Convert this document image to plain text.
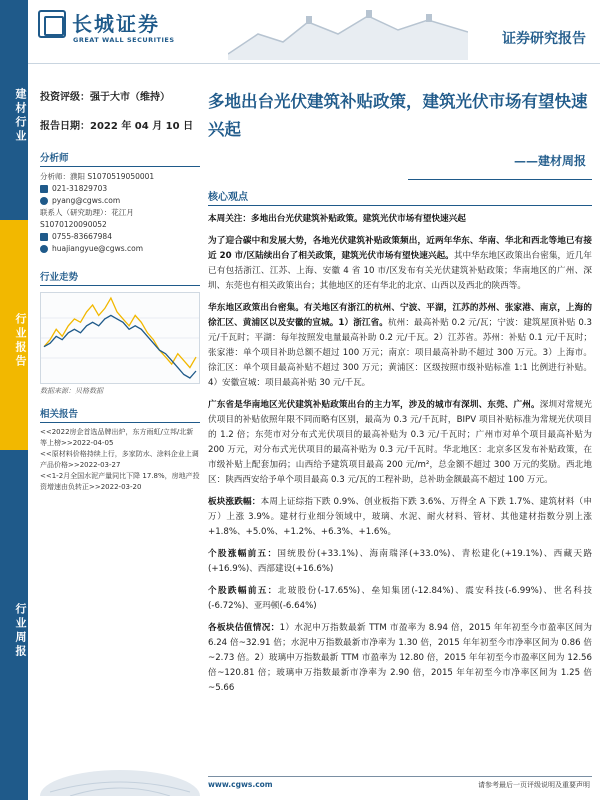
建材行业
行业报告
行业周报
长城证券
GREAT WALL SECURITIES	证券研究报告
投资评级：强于大市（维持）
报告日期：2022 年 04 月 10 日
分析师
分析师：濮阳 S1070519050001
021-31829703
pyang@cgws.com
联系人（研究助理）：花江月
S1070120090052
0755-83667984
huajiangyue@cgws.com
行业走势
数据来源：贝格数据
相关报告
<<2022房企首选品牌出炉，东方雨虹/立邦/北新等上榜>>2022-04-05
<<原材料价格持续上行，多家防水、涂料企业上调产品价格>>2022-03-27
<<1-2月全国水泥产量同比下降 17.8%，房地产投资增速由负转正>>2022-03-20
多地出台光伏建筑补贴政策，建筑光伏市场有望快速兴起
——建材周报
核心观点
本周关注：多地出台光伏建筑补贴政策。建筑光伏市场有望快速兴起
为了迎合碳中和发展大势，各地光伏建筑补贴政策频出，近两年华东、华南、华北和西北等地已有接近 20 市/区陆续出台了相关政策，建筑光伏市场有望快速兴起。其中华东地区政策出台密集，近几年已有包括浙江、江苏、上海、安徽 4 省 10 市/区发布有关光伏建筑补贴政策；华南地区的广州、深圳、东莞也有相关政策出台；其他地区的还有华北的北京、山西以及西北的陕西等。
华东地区政策出台密集。有关地区有浙江的杭州、宁波、平湖，江苏的苏州、张家港、南京，上海的徐汇区、黄浦区以及安徽的宣城。1）浙江省。杭州：最高补贴 0.2 元/瓦；宁波：建筑屋顶补贴 0.3 元/千瓦时；平湖：每年按照发电量最高补助 0.2 元/千瓦。2）江苏省。苏州：补贴 0.1 元/千瓦时；张家港：单个项目补助总额不超过 100 万元；南京：项目最高补助不超过 300 万元。3）上海市。徐汇区：单个项目最高补贴不超过 300 万元；黄浦区：区级按照市级补贴标准 1:1 比例进行补贴。4）安徽宣城：项目最高补贴 30 元/千瓦。
广东省是华南地区光伏建筑补贴政策出台的主力军，涉及的城市有深圳、东莞、广州。深圳对常规光伏项目的补贴依照年限不同而略有区别，最高为 0.3 元/千瓦时，BIPV 项目补贴标准为常规光伏项目的 1.2 倍；东莞市对分布式光伏项目的最高补贴为 0.3 元/千瓦时；广州市对单个项目最高补贴为 200 万元，对分布式光伏项目的最高补贴为 0.3 元/千瓦时。华北地区：北京多区发布补贴政策，在市级补贴上配套加码；山西给予建筑项目最高 200 元/m²，总金额不超过 300 万元的奖励。西北地区：陕西西安给予单个项目最高 0.3 元/瓦的工程补助，总补助金额最高不超过 100 万元。
板块涨跌幅：本周上证综指下跌 0.9%、创业板指下跌 3.6%、万得全 A 下跌 1.7%、建筑材料（申万）上涨 3.9%。建材行业细分领域中，玻璃、水泥、耐火材料、管材、其他建材指数分别上涨+1.8%、+5.0%、+1.2%、+6.3%、+1.6%。
个股涨幅前五：国统股份(+33.1%)、海南瑞泽(+33.0%)、青松建化(+19.1%)、西藏天路(+16.9%)、西部建设(+16.6%)
个股跌幅前五：北玻股份(-17.65%)、垒知集团(-12.84%)、震安科技(-6.99%)、世名科技(-6.72%)、亚玛顿(-6.64%)
各板块估值情况：1）水泥申万指数最新 TTM 市盈率为 8.94 倍，2015 年年初至今市盈率区间为 6.24 倍~32.91 倍；水泥申万指数最新市净率为 1.30 倍，2015 年年初至今市净率区间为 0.86 倍~2.73 倍。2）玻璃申万指数最新 TTM 市盈率为 12.80 倍，2015 年年初至今市盈率区间为 12.56 倍~120.81 倍；玻璃申万指数最新市净率为 2.90 倍，2015 年年初至今市净率区间为 1.25 倍~5.66
www.cgws.com	请参考最后一页评级说明及重要声明
